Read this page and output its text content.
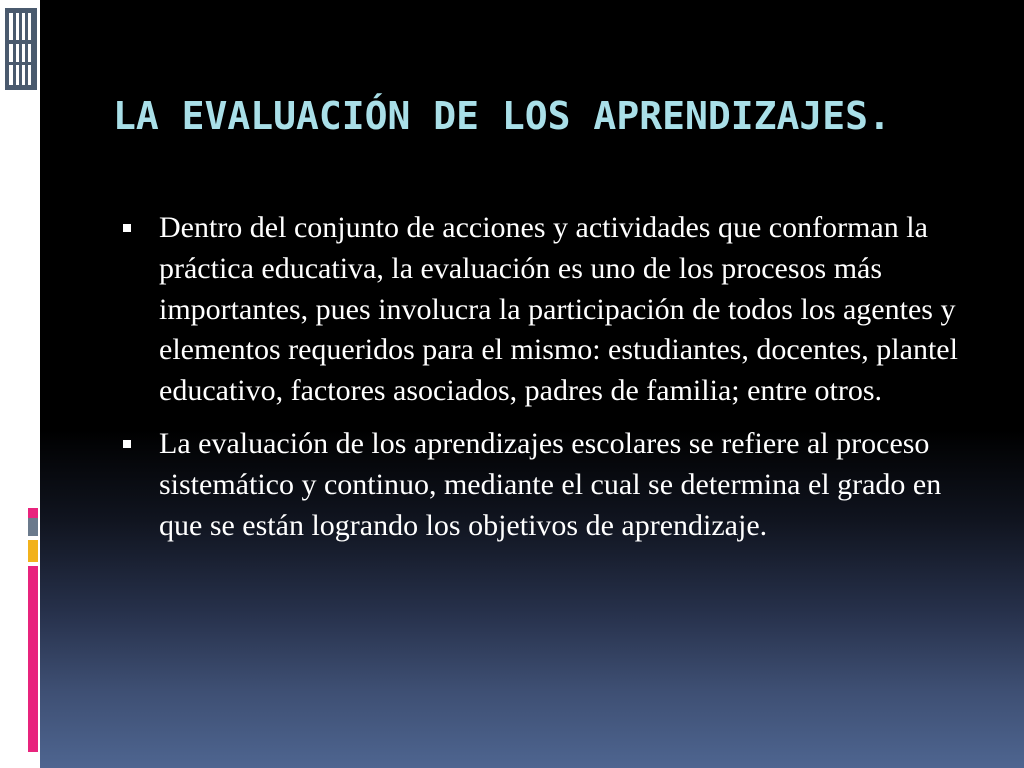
LA EVALUACIÓN DE LOS APRENDIZAJES.
Dentro del conjunto de acciones y actividades que conforman la práctica educativa, la evaluación es uno de los procesos más importantes, pues involucra la participación de todos los agentes y elementos requeridos para el mismo: estudiantes, docentes, plantel educativo, factores asociados, padres de familia; entre otros.
La evaluación de los aprendizajes escolares se refiere al proceso sistemático y continuo, mediante el cual se determina el grado en que se están logrando los objetivos de aprendizaje.
